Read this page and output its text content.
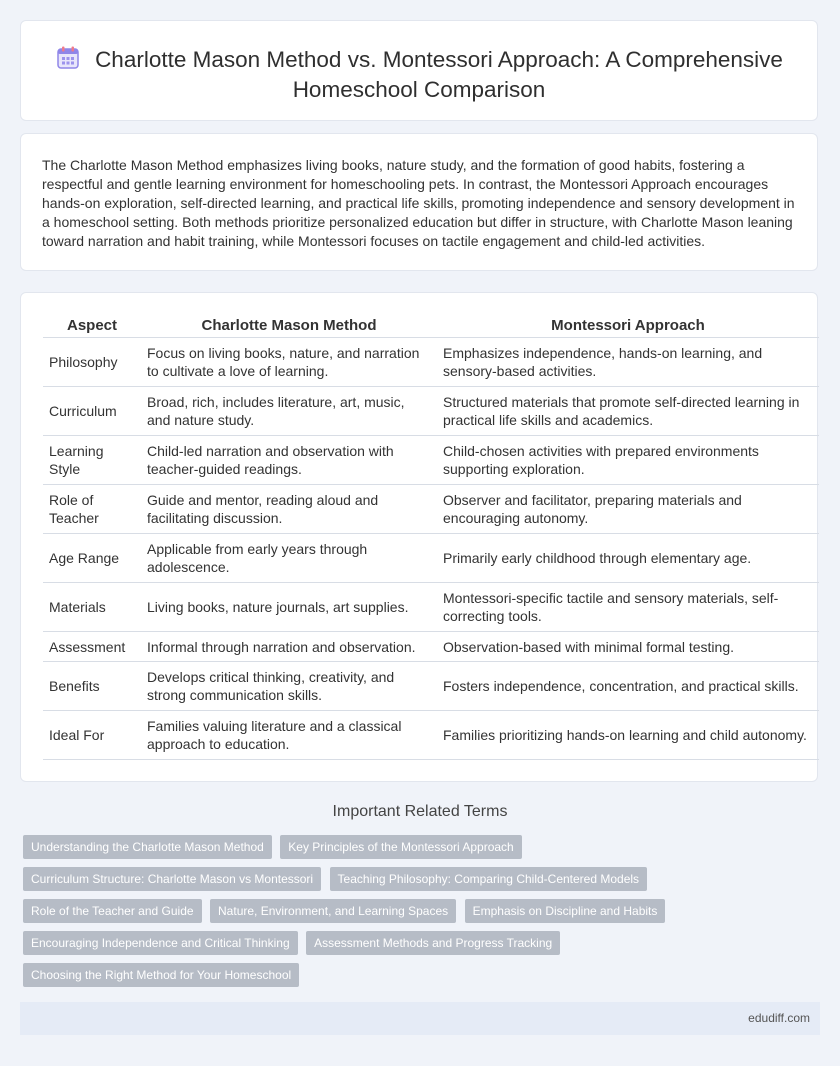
Charlotte Mason Method vs. Montessori Approach: A Comprehensive Homeschool Comparison

The Charlotte Mason Method emphasizes living books, nature study, and the formation of good habits, fostering a respectful and gentle learning environment for homeschooling pets. In contrast, the Montessori Approach encourages hands-on exploration, self-directed learning, and practical life skills, promoting independence and sensory development in a homeschool setting. Both methods prioritize personalized education but differ in structure, with Charlotte Mason leaning toward narration and habit training, while Montessori focuses on tactile engagement and child-led activities.

Aspect	Charlotte Mason Method	Montessori Approach
Philosophy	Focus on living books, nature, and narration to cultivate a love of learning.	Emphasizes independence, hands-on learning, and sensory-based activities.
Curriculum	Broad, rich, includes literature, art, music, and nature study.	Structured materials that promote self-directed learning in practical life skills and academics.
Learning Style	Child-led narration and observation with teacher-guided readings.	Child-chosen activities with prepared environments supporting exploration.
Role of Teacher	Guide and mentor, reading aloud and facilitating discussion.	Observer and facilitator, preparing materials and encouraging autonomy.
Age Range	Applicable from early years through adolescence.	Primarily early childhood through elementary age.
Materials	Living books, nature journals, art supplies.	Montessori-specific tactile and sensory materials, self-correcting tools.
Assessment	Informal through narration and observation.	Observation-based with minimal formal testing.
Benefits	Develops critical thinking, creativity, and strong communication skills.	Fosters independence, concentration, and practical skills.
Ideal For	Families valuing literature and a classical approach to education.	Families prioritizing hands-on learning and child autonomy.
Important Related Terms
Understanding the Charlotte Mason Method Key Principles of the Montessori Approach
Curriculum Structure: Charlotte Mason vs Montessori Teaching Philosophy: Comparing Child-Centered Models
Role of the Teacher and Guide Nature, Environment, and Learning Spaces Emphasis on Discipline and Habits
Encouraging Independence and Critical Thinking Assessment Methods and Progress Tracking
Choosing the Right Method for Your Homeschool
edudiff.com
